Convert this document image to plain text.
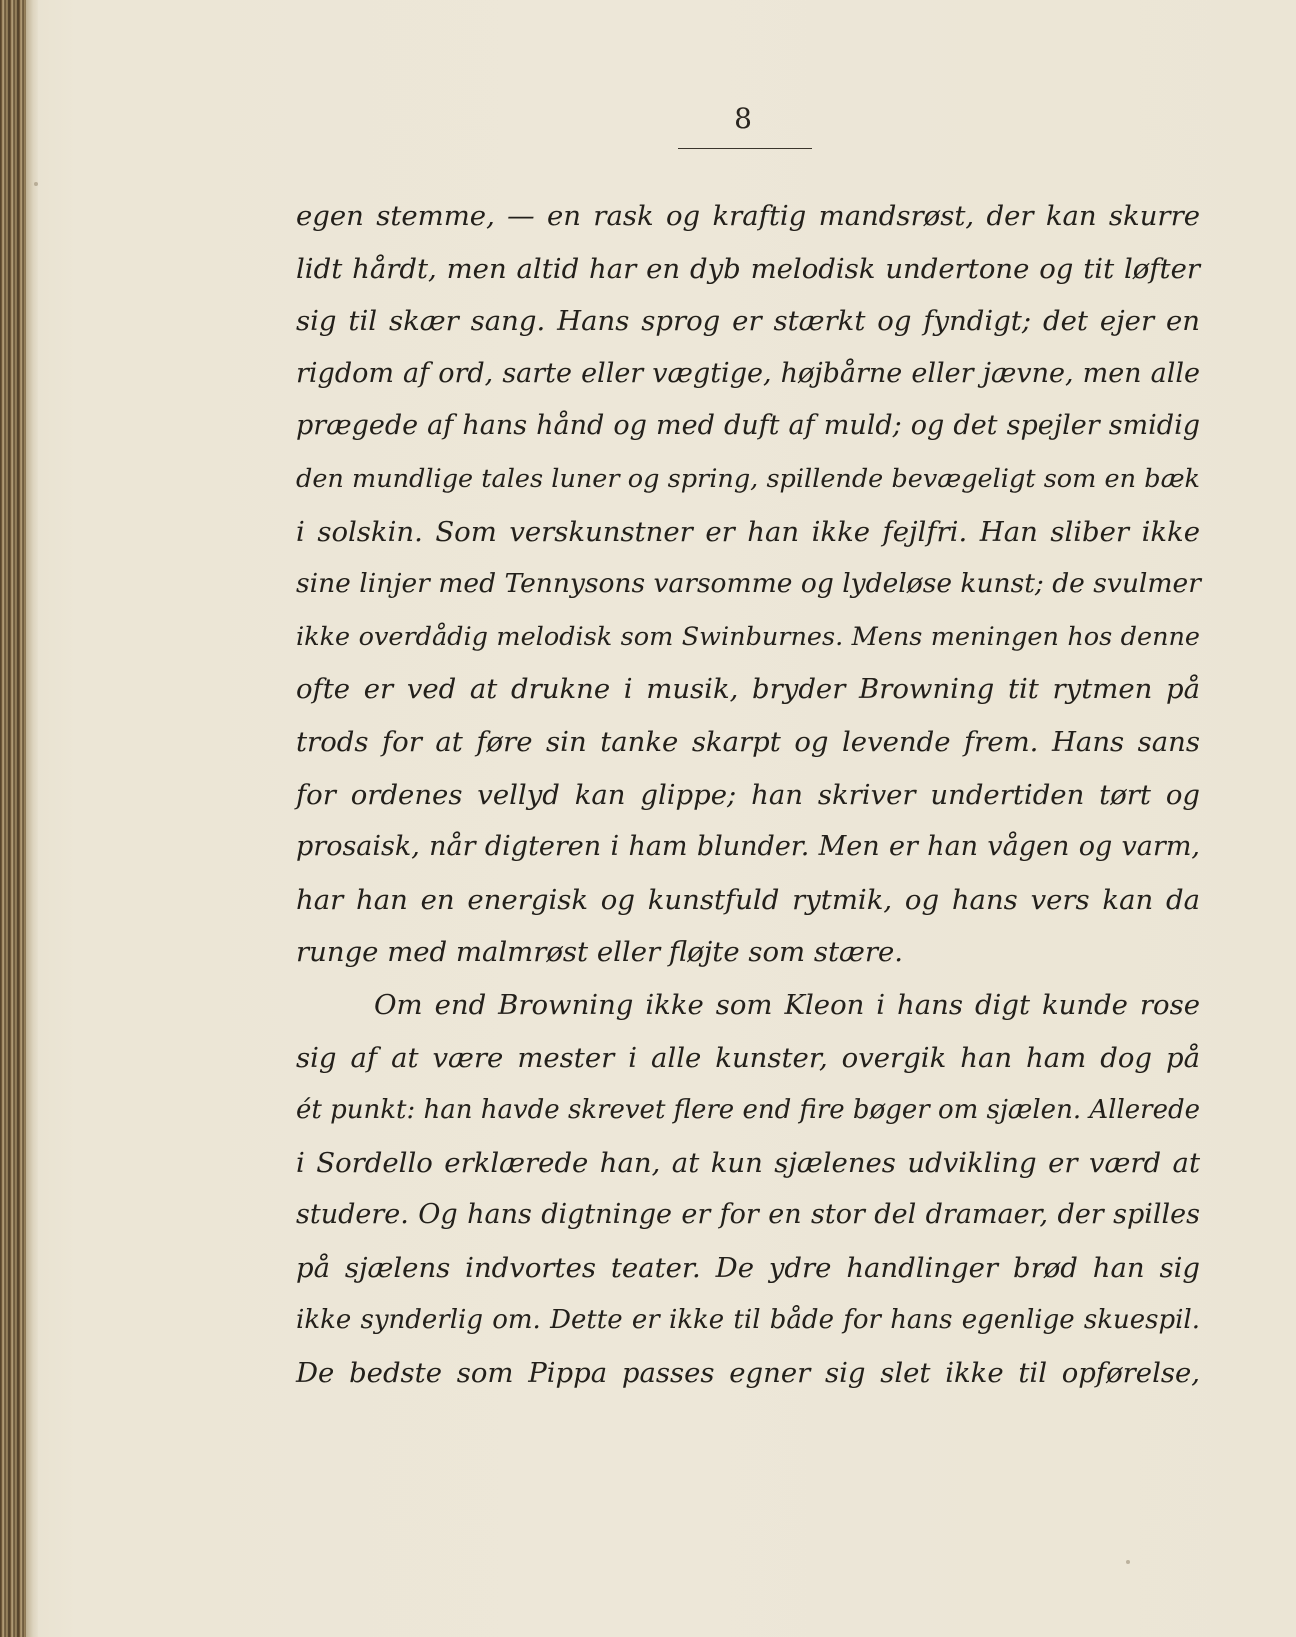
8
egen stemme, — en rask og kraftig mandsrøst, der kan skurre
lidt hårdt, men altid har en dyb melodisk undertone og tit løfter
sig til skær sang. Hans sprog er stærkt og fyndigt; det ejer en
rigdom af ord, sarte eller vægtige, højbårne eller jævne, men alle
prægede af hans hånd og med duft af muld; og det spejler smidig
den mundlige tales luner og spring, spillende bevægeligt som en bæk
i solskin. Som verskunstner er han ikke fejlfri. Han sliber ikke
sine linjer med Tennysons varsomme og lydeløse kunst; de svulmer
ikke overdådig melodisk som Swinburnes. Mens meningen hos denne
ofte er ved at drukne i musik, bryder Browning tit rytmen på
trods for at føre sin tanke skarpt og levende frem. Hans sans
for ordenes vellyd kan glippe; han skriver undertiden tørt og
prosaisk, når digteren i ham blunder. Men er han vågen og varm,
har han en energisk og kunstfuld rytmik, og hans vers kan da
runge med malmrøst eller fløjte som stære.
Om end Browning ikke som Kleon i hans digt kunde rose
sig af at være mester i alle kunster, overgik han ham dog på
ét punkt: han havde skrevet flere end fire bøger om sjælen. Allerede
i Sordello erklærede han, at kun sjælenes udvikling er værd at
studere. Og hans digtninge er for en stor del dramaer, der spilles
på sjælens indvortes teater. De ydre handlinger brød han sig
ikke synderlig om. Dette er ikke til både for hans egenlige skuespil.
De bedste som Pippa passes egner sig slet ikke til opførelse,
